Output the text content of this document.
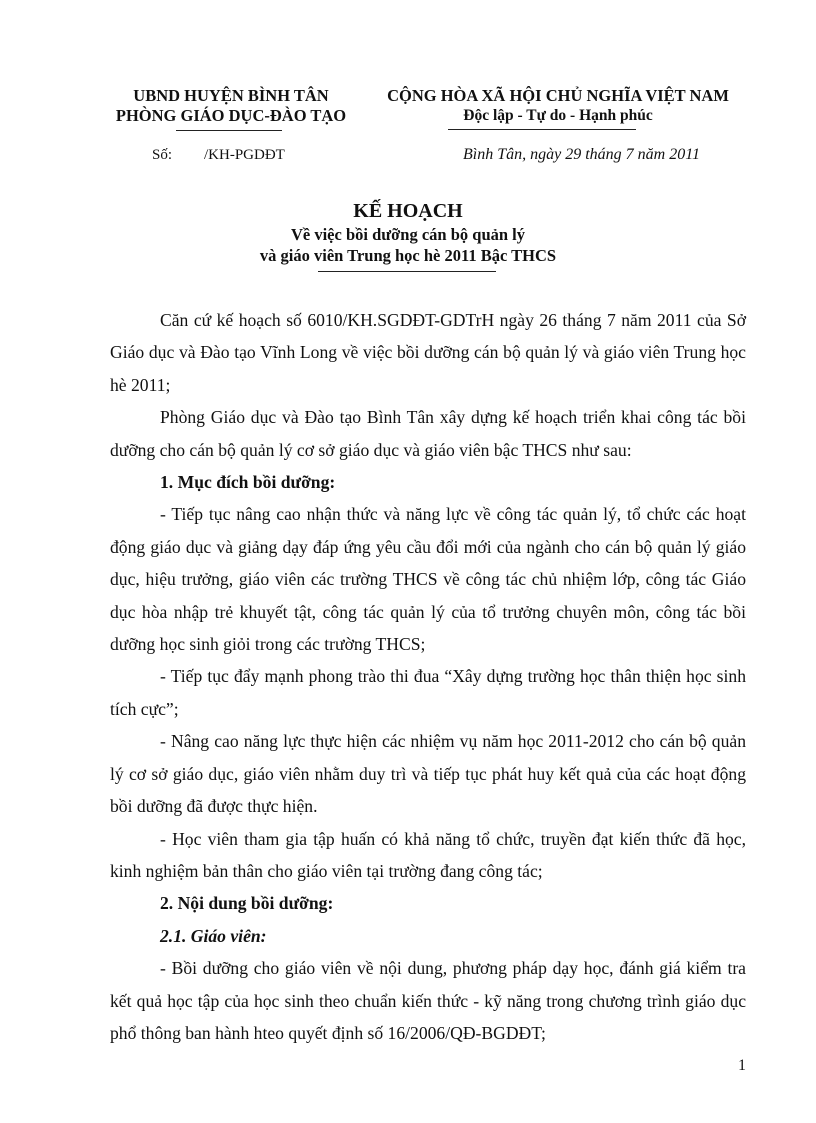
UBND HUYỆN BÌNH TÂN
PHÒNG GIÁO DỤC-ĐÀO TẠO
CỘNG HÒA XÃ HỘI CHỦ NGHĨA VIỆT NAM
Độc lập - Tự do - Hạnh phúc
Số: /KH-PGDĐT	Bình Tân, ngày 29 tháng 7 năm 2011
KẾ HOẠCH
Về việc bồi dưỡng cán bộ quản lý
và giáo viên Trung học hè 2011 Bậc THCS

Căn cứ kế hoạch số 6010/KH.SGDĐT-GDTrH ngày 26 tháng 7 năm 2011 của Sở Giáo dục và Đào tạo Vĩnh Long về việc bồi dưỡng cán bộ quản lý và giáo viên Trung học hè 2011;

Phòng Giáo dục và Đào tạo Bình Tân xây dựng kế hoạch triển khai công tác bồi dưỡng cho cán bộ quản lý cơ sở giáo dục và giáo viên bậc THCS như sau:

1. Mục đích bồi dưỡng:

- Tiếp tục nâng cao nhận thức và năng lực về công tác quản lý, tổ chức các hoạt động giáo dục và giảng dạy đáp ứng yêu cầu đổi mới của ngành cho cán bộ quản lý giáo dục, hiệu trưởng, giáo viên các trường THCS về công tác chủ nhiệm lớp, công tác Giáo dục hòa nhập trẻ khuyết tật, công tác quản lý của tổ trưởng chuyên môn, công tác bồi dưỡng học sinh giỏi trong các trường THCS;

- Tiếp tục đẩy mạnh phong trào thi đua “Xây dựng trường học thân thiện học sinh tích cực”;

- Nâng cao năng lực thực hiện các nhiệm vụ năm học 2011-2012 cho cán bộ quản lý cơ sở giáo dục, giáo viên nhằm duy trì và tiếp tục phát huy kết quả của các hoạt động bồi dưỡng đã được thực hiện.

- Học viên tham gia tập huấn có khả năng tổ chức, truyền đạt kiến thức đã học, kinh nghiệm bản thân cho giáo viên tại trường đang công tác;

2. Nội dung bồi dưỡng:

2.1. Giáo viên:

- Bồi dưỡng cho giáo viên về nội dung, phương pháp dạy học, đánh giá kiểm tra kết quả học tập của học sinh theo chuẩn kiến thức - kỹ năng trong chương trình giáo dục phổ thông ban hành hteo quyết định số 16/2006/QĐ-BGDĐT;

1
